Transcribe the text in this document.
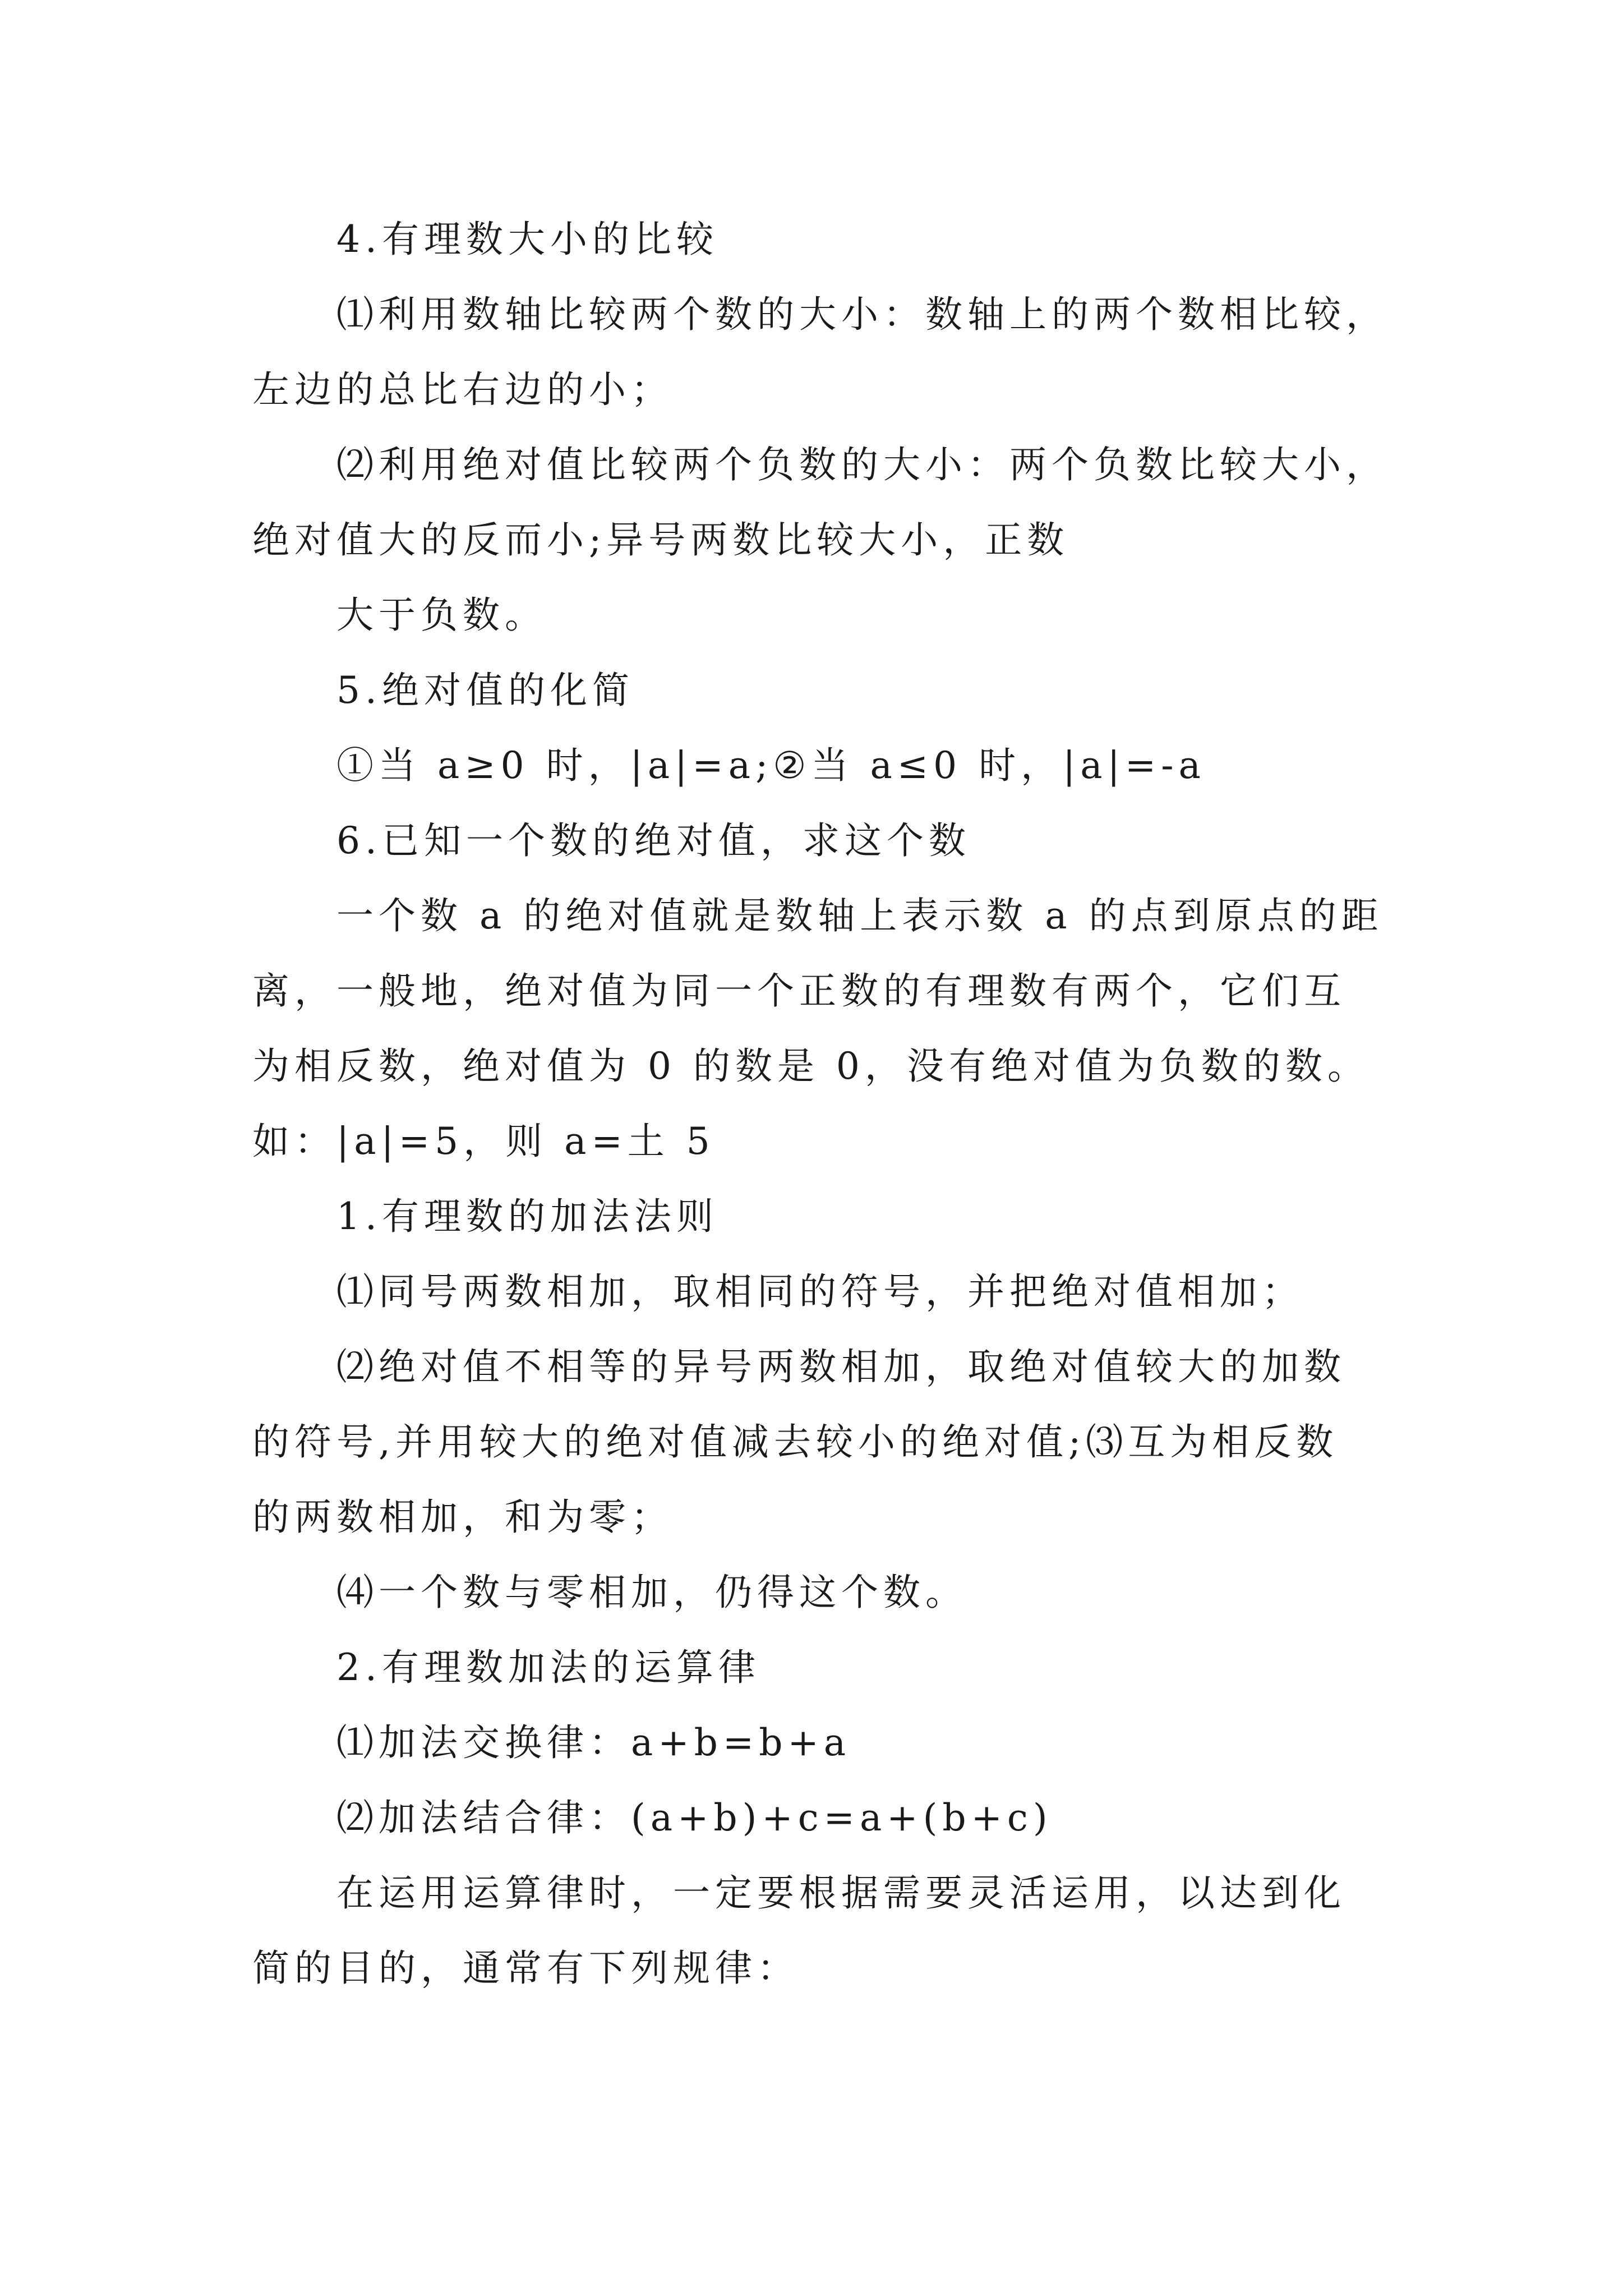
4.有理数大小的比较
⑴利用数轴比较两个数的大小：数轴上的两个数相比较，
左边的总比右边的小；
⑵利用绝对值比较两个负数的大小：两个负数比较大小，
绝对值大的反而小;异号两数比较大小，正数
大于负数。
5.绝对值的化简
①当 a≥0 时，|a|=a;②当 a≤0 时，|a|=-a
6.已知一个数的绝对值，求这个数
一个数 a 的绝对值就是数轴上表示数 a 的点到原点的距
离，一般地，绝对值为同一个正数的有理数有两个，它们互
为相反数，绝对值为 0 的数是 0，没有绝对值为负数的数。
如：|a|=5，则 a=土 5
1.有理数的加法法则
⑴同号两数相加，取相同的符号，并把绝对值相加；
⑵绝对值不相等的异号两数相加，取绝对值较大的加数
的符号,并用较大的绝对值减去较小的绝对值;⑶互为相反数
的两数相加，和为零；
⑷一个数与零相加，仍得这个数。
2.有理数加法的运算律
⑴加法交换律：a+b=b+a
⑵加法结合律：(a+b)+c=a+(b+c)
在运用运算律时，一定要根据需要灵活运用，以达到化
简的目的，通常有下列规律：
